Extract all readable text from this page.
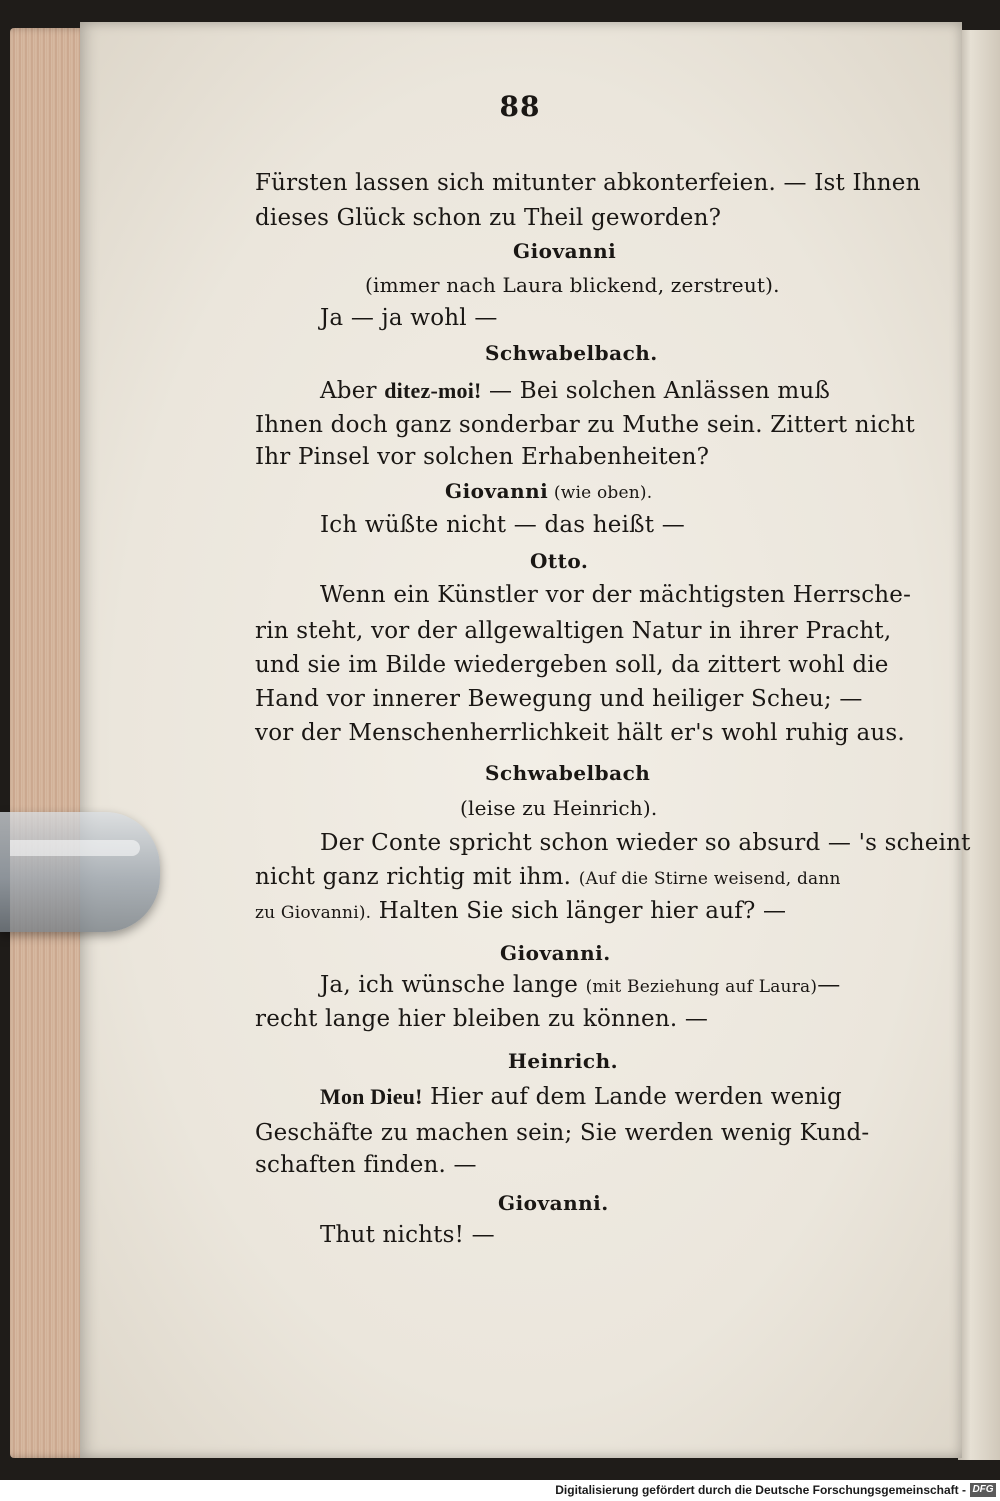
88
Fürsten lassen sich mitunter abkonterfeien. — Ist Ihnen
dieses Glück schon zu Theil geworden?
Giovanni
(immer nach Laura blickend, zerstreut).
Ja — ja wohl —
Schwabelbach.
Aber ditez-moi! — Bei solchen Anlässen muß
Ihnen doch ganz sonderbar zu Muthe sein. Zittert nicht
Ihr Pinsel vor solchen Erhabenheiten?
Giovanni (wie oben).
Ich wüßte nicht — das heißt —
Otto.
Wenn ein Künstler vor der mächtigsten Herrsche-
rin steht, vor der allgewaltigen Natur in ihrer Pracht,
und sie im Bilde wiedergeben soll, da zittert wohl die
Hand vor innerer Bewegung und heiliger Scheu; —
vor der Menschenherrlichkeit hält er's wohl ruhig aus.
Schwabelbach
(leise zu Heinrich).
Der Conte spricht schon wieder so absurd — 's scheint
nicht ganz richtig mit ihm. (Auf die Stirne weisend, dann
zu Giovanni). Halten Sie sich länger hier auf? —
Giovanni.
Ja, ich wünsche lange (mit Beziehung auf Laura)—
recht lange hier bleiben zu können. —
Heinrich.
Mon Dieu! Hier auf dem Lande werden wenig
Geschäfte zu machen sein; Sie werden wenig Kund-
schaften finden. —
Giovanni.
Thut nichts! —
Digitalisierung gefördert durch die Deutsche Forschungsgemeinschaft - DFG
